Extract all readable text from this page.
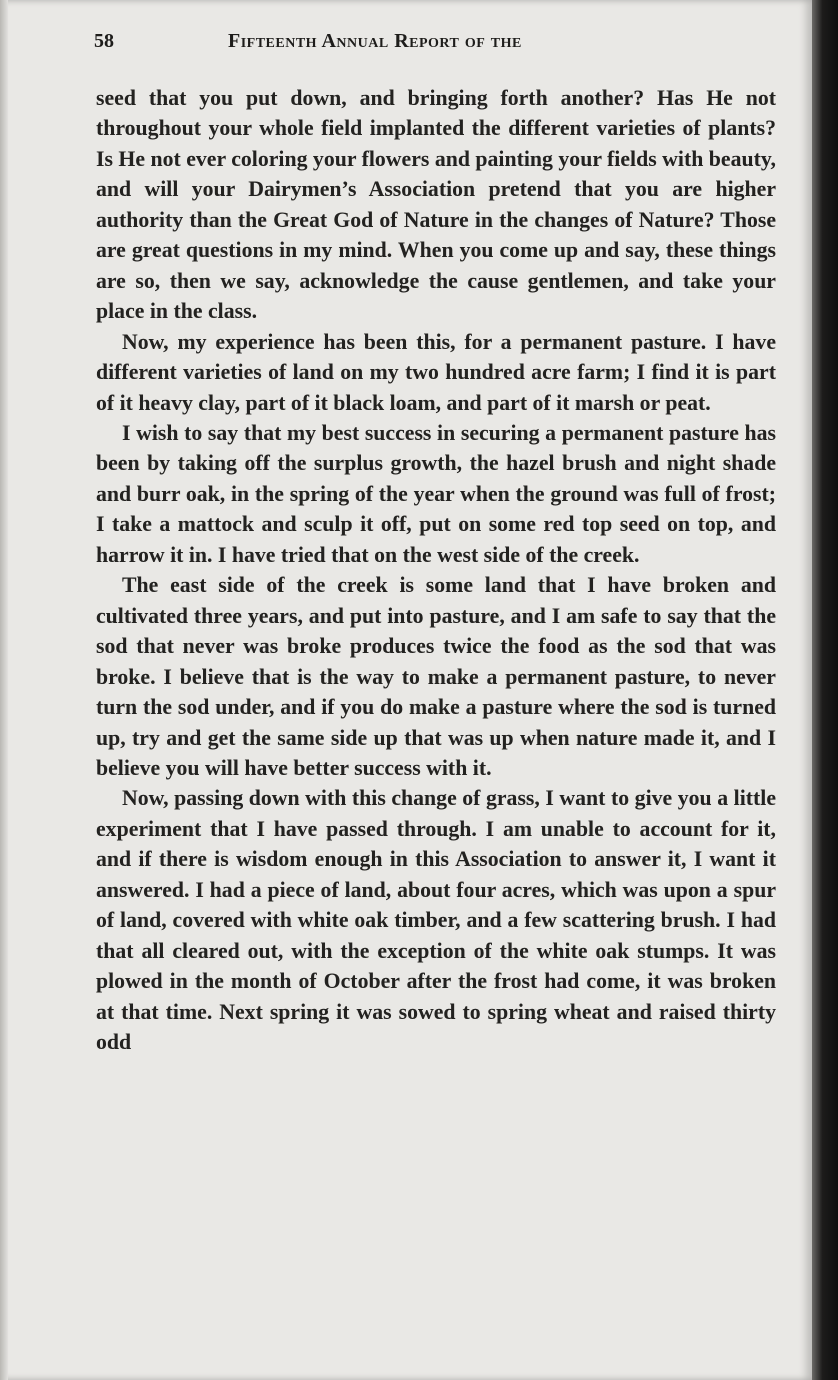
58	Fifteenth Annual Report of the

seed that you put down, and bringing forth another? Has He not throughout your whole field implanted the different varieties of plants? Is He not ever coloring your flowers and painting your fields with beauty, and will your Dairymen’s Association pretend that you are higher authority than the Great God of Nature in the changes of Nature? Those are great questions in my mind. When you come up and say, these things are so, then we say, acknowledge the cause gentlemen, and take your place in the class.

Now, my experience has been this, for a permanent pasture. I have different varieties of land on my two hundred acre farm; I find it is part of it heavy clay, part of it black loam, and part of it marsh or peat.

I wish to say that my best success in securing a permanent pasture has been by taking off the surplus growth, the hazel brush and night shade and burr oak, in the spring of the year when the ground was full of frost; I take a mattock and sculp it off, put on some red top seed on top, and harrow it in. I have tried that on the west side of the creek.

The east side of the creek is some land that I have broken and cultivated three years, and put into pasture, and I am safe to say that the sod that never was broke produces twice the food as the sod that was broke. I believe that is the way to make a permanent pasture, to never turn the sod under, and if you do make a pasture where the sod is turned up, try and get the same side up that was up when nature made it, and I believe you will have better success with it.

Now, passing down with this change of grass, I want to give you a little experiment that I have passed through. I am unable to account for it, and if there is wisdom enough in this Association to answer it, I want it answered. I had a piece of land, about four acres, which was upon a spur of land, covered with white oak timber, and a few scattering brush. I had that all cleared out, with the exception of the white oak stumps. It was plowed in the month of October after the frost had come, it was broken at that time. Next spring it was sowed to spring wheat and raised thirty odd
